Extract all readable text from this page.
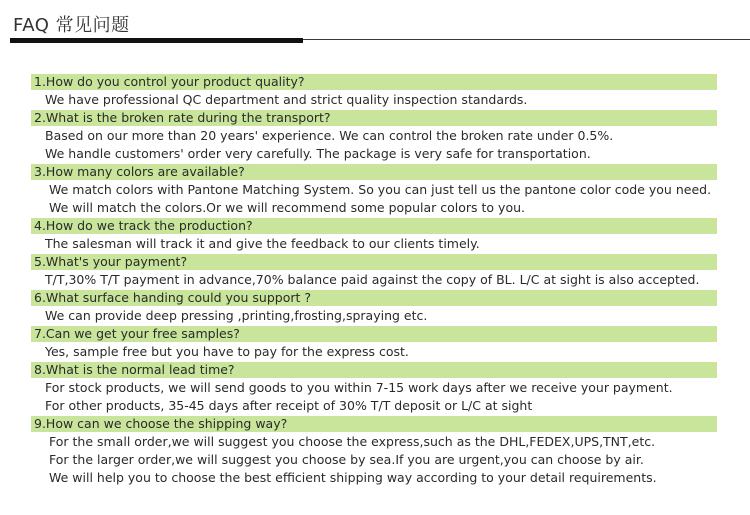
FAQ 常见问题
1.How do you control your product quality?
We have professional QC department and strict quality inspection standards.
2.What is the broken rate during the transport?
Based on our more than 20 years' experience. We can control the broken rate under 0.5%.
We handle customers' order very carefully. The package is very safe for transportation.
3.How many colors are available?
We match colors with Pantone Matching System. So you can just tell us the pantone color code you need.
We will match the colors.Or we will recommend some popular colors to you.
4.How do we track the production?
The salesman will track it and give the feedback to our clients timely.
5.What's your payment?
T/T,30% T/T payment in advance,70% balance paid against the copy of BL. L/C at sight is also accepted.
6.What surface handing could you support ?
We can provide deep pressing ,printing,frosting,spraying etc.
7.Can we get your free samples?
Yes, sample free but you have to pay for the express cost.
8.What is the normal lead time?
For stock products, we will send goods to you within 7-15 work days after we receive your payment.
For other products, 35-45 days after receipt of 30% T/T deposit or L/C at sight
9.How can we choose the shipping way?
For the small order,we will suggest you choose the express,such as the DHL,FEDEX,UPS,TNT,etc.
For the larger order,we will suggest you choose by sea.If you are urgent,you can choose by air.
We will help you to choose the best efficient shipping way according to your detail requirements.
